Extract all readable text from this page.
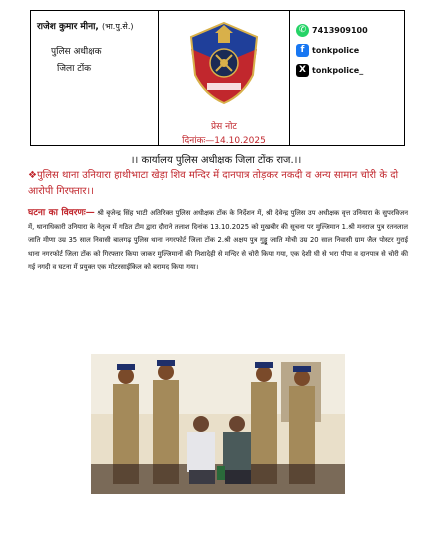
राजेश कुमार मीना, (भा.पु.से.)
पुलिस अधीक्षक
जिला टोंक
प्रेस नोट
दिनांकः—14.10.2025
✆ 7413909100
f tonkpolice
X tonkpolice_
।। कार्यालय पुलिस अधीक्षक जिला टोंक राज.।।
❖पुलिस थाना उनियारा हाथीभाटा खेड़ा शिव मन्दिर में दानपात्र तोड़कर नकदी व अन्य सामान चोरी के दो आरोपी गिरफ्तार।।
घटना का विवरणः— श्री बृजेन्द्र सिंह भाटी अतिरिक्त पुलिस अधीक्षक टोंक के निर्देशन में, श्री देवेन्द्र पुलिस उप अधीक्षक वृत्त उनियारा के सुपरविजन में, थानाधिकारी उनियारा के नेतृत्व में गठित टीम द्वारा दौराने तलाश दिनांक 13.10.2025 को मुखबीर की सूचना पर मुल्जिमान 1.श्री मनराज पुत्र रतनलाल जाति मीणा उम्र 35 साल निवासी बालगढ़ पुलिस थाना नगरफोर्ट जिला टोंक 2.श्री अक्षय पुत्र गुड्डू जाति मोची उम्र 20 साल निवासी ग्राम जैल पोस्टर गुराई थाना नगरफोर्ट जिला टोंक को गिरफ्तार किया जाकर मुल्जिमानों की निशादेही से मन्दिर से चोरी किया गया, एक देशी घी से भरा पीपा व दानपात्र से चोरी की गई नगदी व घटना में प्रयुक्त एक मोटरसाईकिल को बरामद किया गया।
